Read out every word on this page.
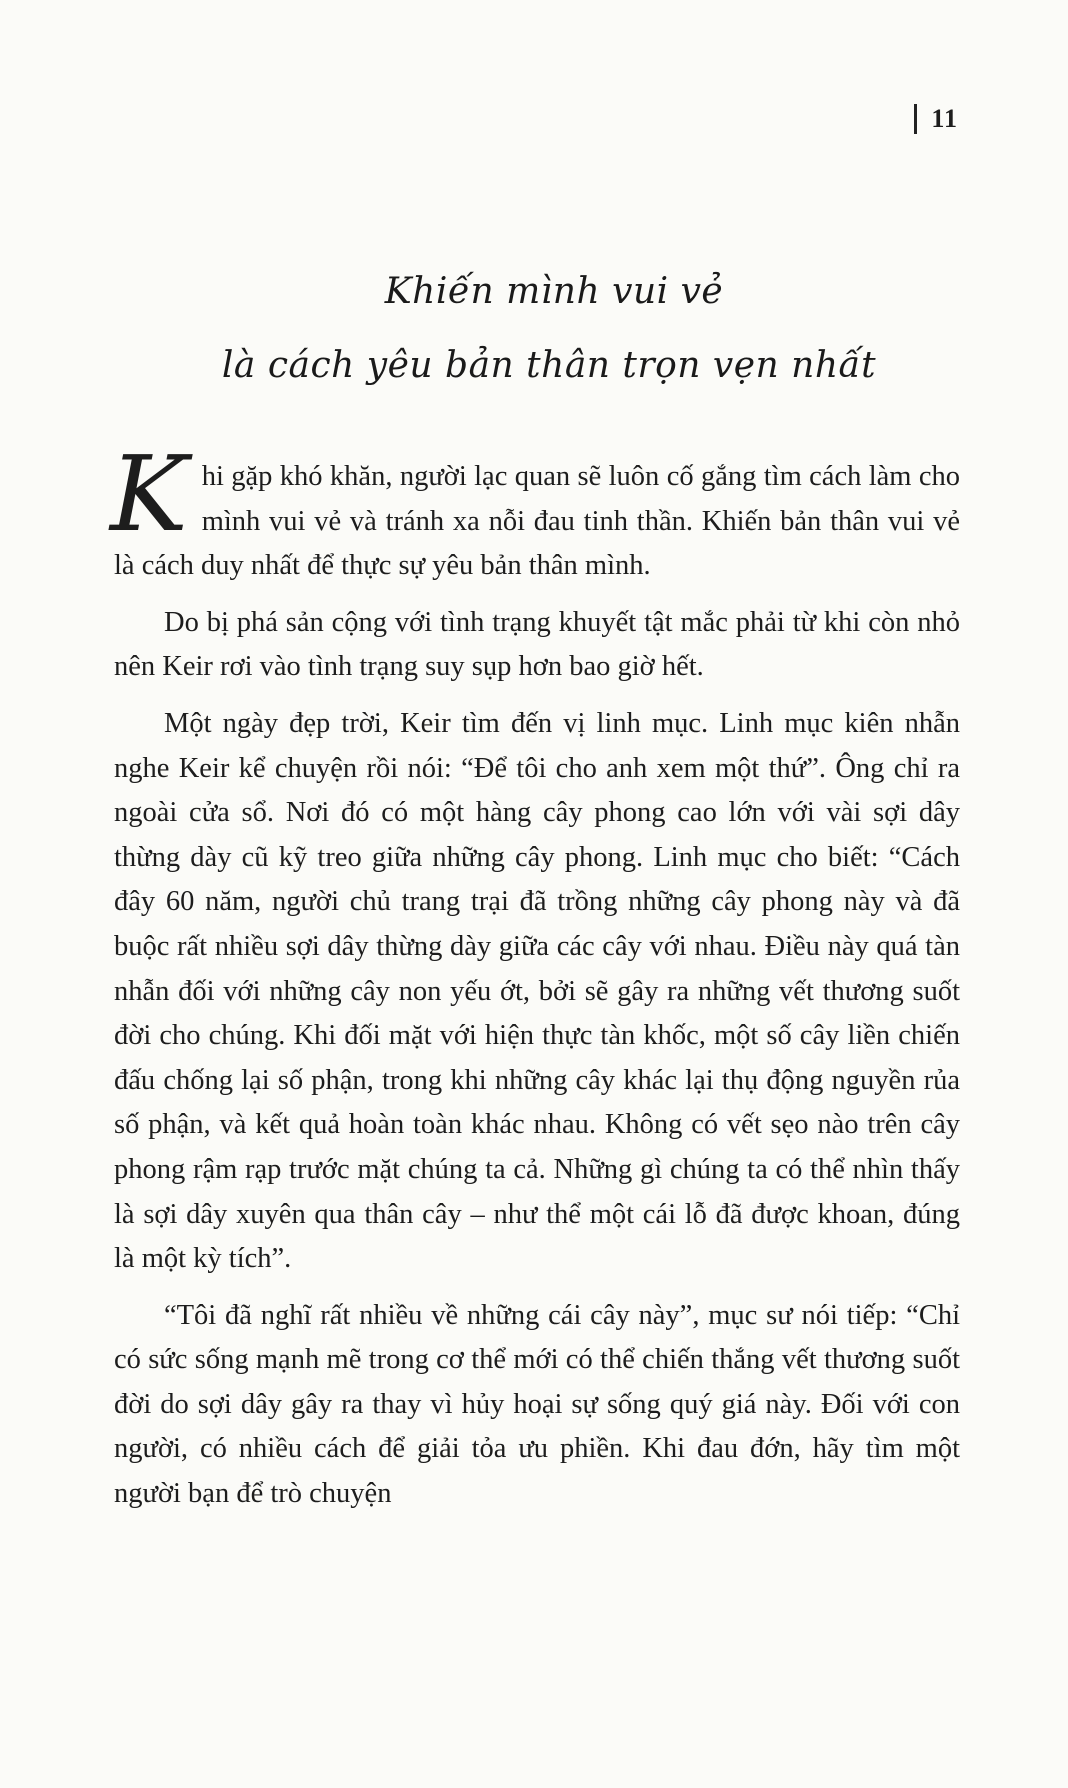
11
Khiến mình vui vẻ
là cách yêu bản thân trọn vẹn nhất

Khi gặp khó khăn, người lạc quan sẽ luôn cố gắng tìm cách làm cho mình vui vẻ và tránh xa nỗi đau tinh thần. Khiến bản thân vui vẻ là cách duy nhất để thực sự yêu bản thân mình.

Do bị phá sản cộng với tình trạng khuyết tật mắc phải từ khi còn nhỏ nên Keir rơi vào tình trạng suy sụp hơn bao giờ hết.

Một ngày đẹp trời, Keir tìm đến vị linh mục. Linh mục kiên nhẫn nghe Keir kể chuyện rồi nói: “Để tôi cho anh xem một thứ”. Ông chỉ ra ngoài cửa sổ. Nơi đó có một hàng cây phong cao lớn với vài sợi dây thừng dày cũ kỹ treo giữa những cây phong. Linh mục cho biết: “Cách đây 60 năm, người chủ trang trại đã trồng những cây phong này và đã buộc rất nhiều sợi dây thừng dày giữa các cây với nhau. Điều này quá tàn nhẫn đối với những cây non yếu ớt, bởi sẽ gây ra những vết thương suốt đời cho chúng. Khi đối mặt với hiện thực tàn khốc, một số cây liền chiến đấu chống lại số phận, trong khi những cây khác lại thụ động nguyền rủa số phận, và kết quả hoàn toàn khác nhau. Không có vết sẹo nào trên cây phong rậm rạp trước mặt chúng ta cả. Những gì chúng ta có thể nhìn thấy là sợi dây xuyên qua thân cây – như thể một cái lỗ đã được khoan, đúng là một kỳ tích”.

“Tôi đã nghĩ rất nhiều về những cái cây này”, mục sư nói tiếp: “Chỉ có sức sống mạnh mẽ trong cơ thể mới có thể chiến thắng vết thương suốt đời do sợi dây gây ra thay vì hủy hoại sự sống quý giá này. Đối với con người, có nhiều cách để giải tỏa ưu phiền. Khi đau đớn, hãy tìm một người bạn để trò chuyện
